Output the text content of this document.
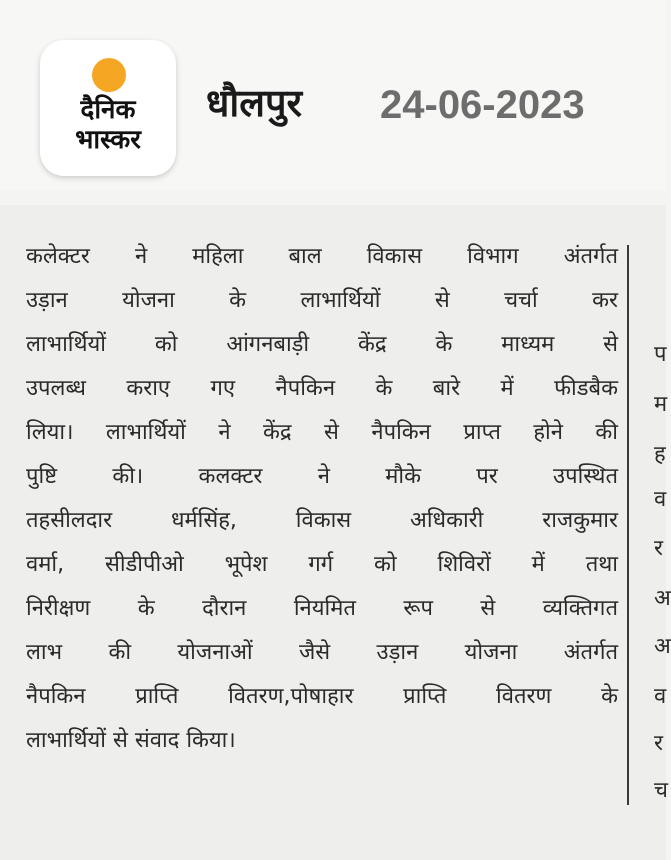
दैनिक
भास्कर
धौलपुर 24-06-2023
कलेक्टर ने महिला बाल विकास विभाग अंतर्गत
उड़ान योजना के लाभार्थियों से चर्चा कर
लाभार्थियों को आंगनबाड़ी केंद्र के माध्यम से
उपलब्ध कराए गए नैपकिन के बारे में फीडबैक
लिया। लाभार्थियों ने केंद्र से नैपकिन प्राप्त होने की
पुष्टि की। कलक्टर ने मौके पर उपस्थित
तहसीलदार धर्मसिंह, विकास अधिकारी राजकुमार
वर्मा, सीडीपीओ भूपेश गर्ग को शिविरों में तथा
निरीक्षण के दौरान नियमित रूप से व्यक्तिगत
लाभ की योजनाओं जैसे उड़ान योजना अंतर्गत
नैपकिन प्राप्ति वितरण,पोषाहार प्राप्ति वितरण के
लाभार्थियों से संवाद किया।
प
म
ह
व
र
अ
अ
व
र
च
